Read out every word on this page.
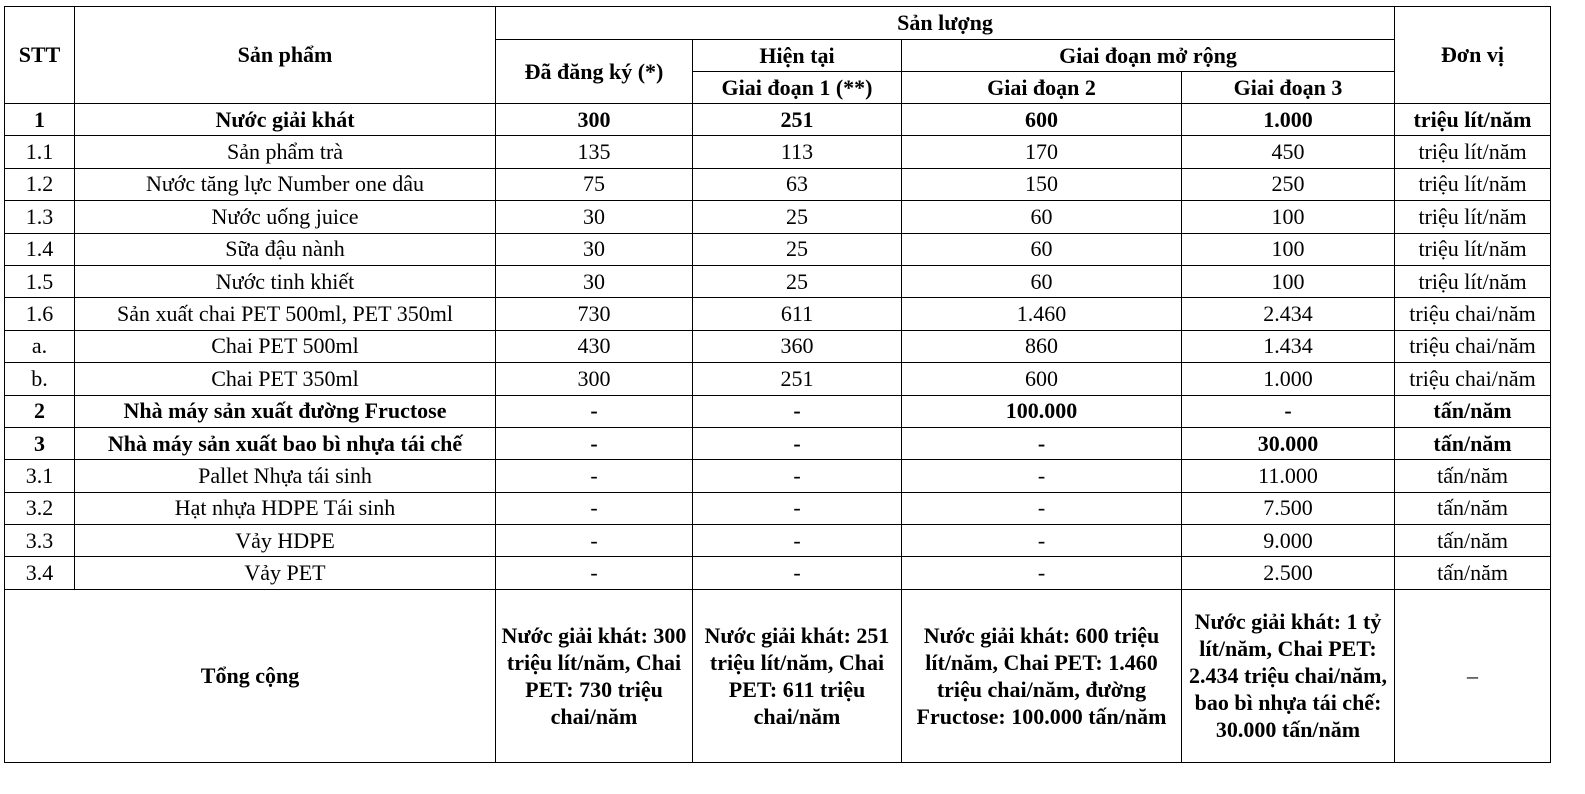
STT	Sản phẩm	Sản lượng				Đơn vị
		Đã đăng ký (*)	Hiện tại	Giai đoạn mở rộng		
			Giai đoạn 1 (**)	Giai đoạn 2	Giai đoạn 3	
1	Nước giải khát	300	251	600	1.000	triệu lít/năm
1.1	Sản phẩm trà	135	113	170	450	triệu lít/năm
1.2	Nước tăng lực Number one dâu	75	63	150	250	triệu lít/năm
1.3	Nước uống juice	30	25	60	100	triệu lít/năm
1.4	Sữa đậu nành	30	25	60	100	triệu lít/năm
1.5	Nước tinh khiết	30	25	60	100	triệu lít/năm
1.6	Sản xuất chai PET 500ml, PET 350ml	730	611	1.460	2.434	triệu chai/năm
a.	Chai PET 500ml	430	360	860	1.434	triệu chai/năm
b.	Chai PET 350ml	300	251	600	1.000	triệu chai/năm
2	Nhà máy sản xuất đường Fructose	-	-	100.000	-	tấn/năm
3	Nhà máy sản xuất bao bì nhựa tái chế	-	-	-	30.000	tấn/năm
3.1	Pallet Nhựa tái sinh	-	-	-	11.000	tấn/năm
3.2	Hạt nhựa HDPE Tái sinh	-	-	-	7.500	tấn/năm
3.3	Vảy HDPE	-	-	-	9.000	tấn/năm
3.4	Vảy PET	-	-	-	2.500	tấn/năm
Tổng cộng		Nước giải khát: 300 triệu lít/năm, Chai PET: 730 triệu chai/năm	Nước giải khát: 251 triệu lít/năm, Chai PET: 611 triệu chai/năm	Nước giải khát: 600 triệu lít/năm, Chai PET: 1.460 triệu chai/năm, đường Fructose: 100.000 tấn/năm	Nước giải khát: 1 tỷ lít/năm, Chai PET: 2.434 triệu chai/năm, bao bì nhựa tái chế: 30.000 tấn/năm	–
